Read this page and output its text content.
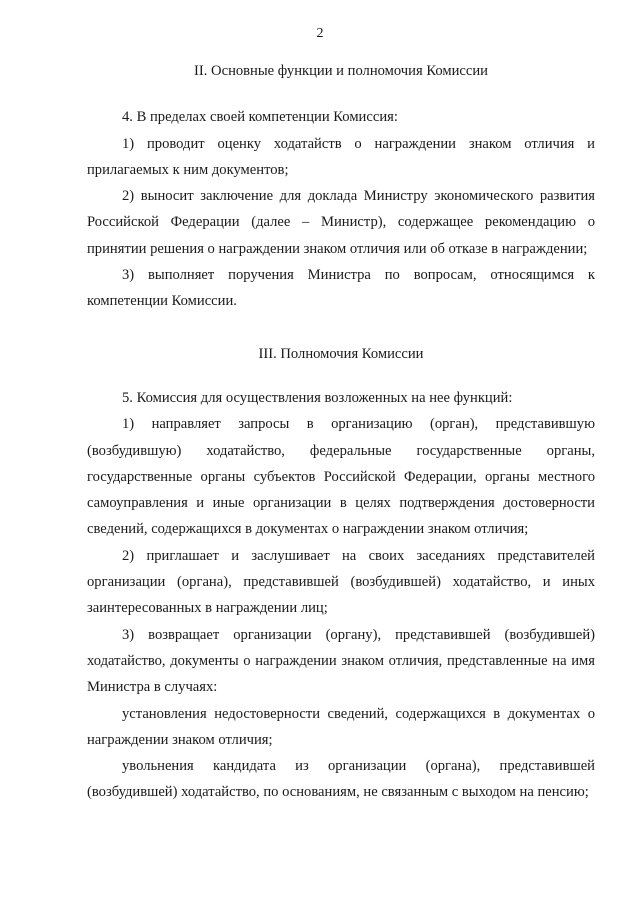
2

II. Основные функции и полномочия Комиссии

4. В пределах своей компетенции Комиссия:

1) проводит оценку ходатайств о награждении знаком отличия и прилагаемых к ним документов;

2) выносит заключение для доклада Министру экономического развития Российской Федерации (далее – Министр), содержащее рекомендацию о принятии решения о награждении знаком отличия или об отказе в награждении;

3) выполняет поручения Министра по вопросам, относящимся к компетенции Комиссии.

III. Полномочия Комиссии

5. Комиссия для осуществления возложенных на нее функций:

1) направляет запросы в организацию (орган), представившую (возбудившую) ходатайство, федеральные государственные органы, государственные органы субъектов Российской Федерации, органы местного самоуправления и иные организации в целях подтверждения достоверности сведений, содержащихся в документах о награждении знаком отличия;

2) приглашает и заслушивает на своих заседаниях представителей организации (органа), представившей (возбудившей) ходатайство, и иных заинтересованных в награждении лиц;

3) возвращает организации (органу), представившей (возбудившей) ходатайство, документы о награждении знаком отличия, представленные на имя Министра в случаях:

установления недостоверности сведений, содержащихся в документах о награждении знаком отличия;

увольнения кандидата из организации (органа), представившей (возбудившей) ходатайство, по основаниям, не связанным с выходом на пенсию;
